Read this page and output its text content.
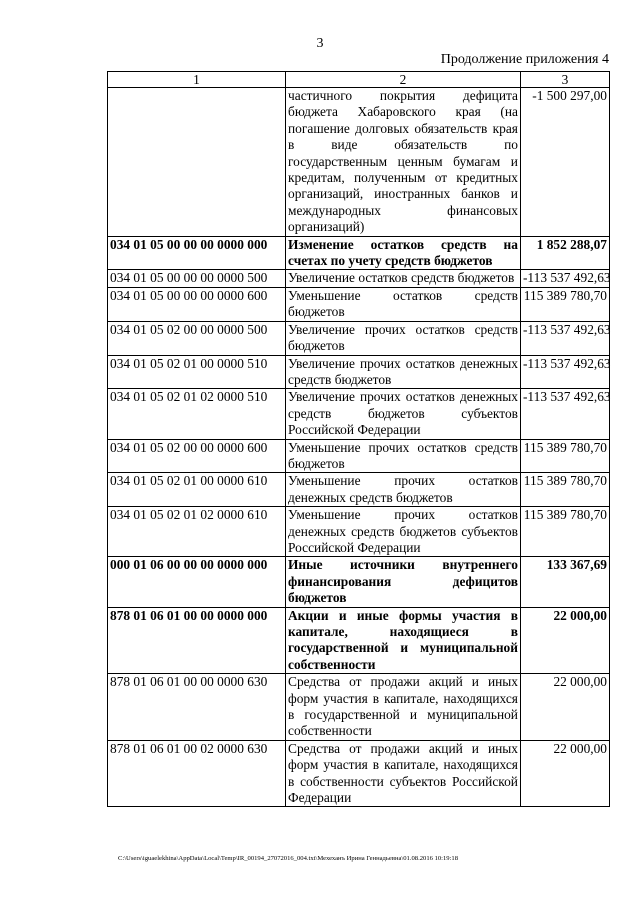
3
Продолжение приложения 4
1	2	3
	частичного покрытия дефицита бюджета Хабаровского края (на погашение долговых обязательств края в виде обязательств по государственным ценным бумагам и кредитам, полученным от кредитных организаций, иностранных банков и международных финансовых организаций)	-1 500 297,00
034 01 05 00 00 00 0000 000	Изменение остатков средств на счетах по учету средств бюджетов	1 852 288,07
034 01 05 00 00 00 0000 500	Увеличение остатков средств бюджетов	-113 537 492,63
034 01 05 00 00 00 0000 600	Уменьшение остатков средств бюджетов	115 389 780,70
034 01 05 02 00 00 0000 500	Увеличение прочих остатков средств бюджетов	-113 537 492,63
034 01 05 02 01 00 0000 510	Увеличение прочих остатков денежных средств бюджетов	-113 537 492,63
034 01 05 02 01 02 0000 510	Увеличение прочих остатков денежных средств бюджетов субъектов Российской Федерации	-113 537 492,63
034 01 05 02 00 00 0000 600	Уменьшение прочих остатков средств бюджетов	115 389 780,70
034 01 05 02 01 00 0000 610	Уменьшение прочих остатков денежных средств бюджетов	115 389 780,70
034 01 05 02 01 02 0000 610	Уменьшение прочих остатков денежных средств бюджетов субъектов Российской Федерации	115 389 780,70
000 01 06 00 00 00 0000 000	Иные источники внутреннего финансирования дефицитов бюджетов	133 367,69
878 01 06 01 00 00 0000 000	Акции и иные формы участия в капитале, находящиеся в государственной и муниципальной собственности	22 000,00
878 01 06 01 00 00 0000 630	Средства от продажи акций и иных форм участия в капитале, находящихся в государственной и муниципальной собственности	22 000,00
878 01 06 01 00 02 0000 630	Средства от продажи акций и иных форм участия в капитале, находящихся в собственности субъектов Российской Федерации	22 000,00
C:\Users\iguaelekhina\AppData\Local\Temp\IR_00194_27072016_004.txt\Мехеханъ Ирина Геннадьевна\01.08.2016 10:19:18
